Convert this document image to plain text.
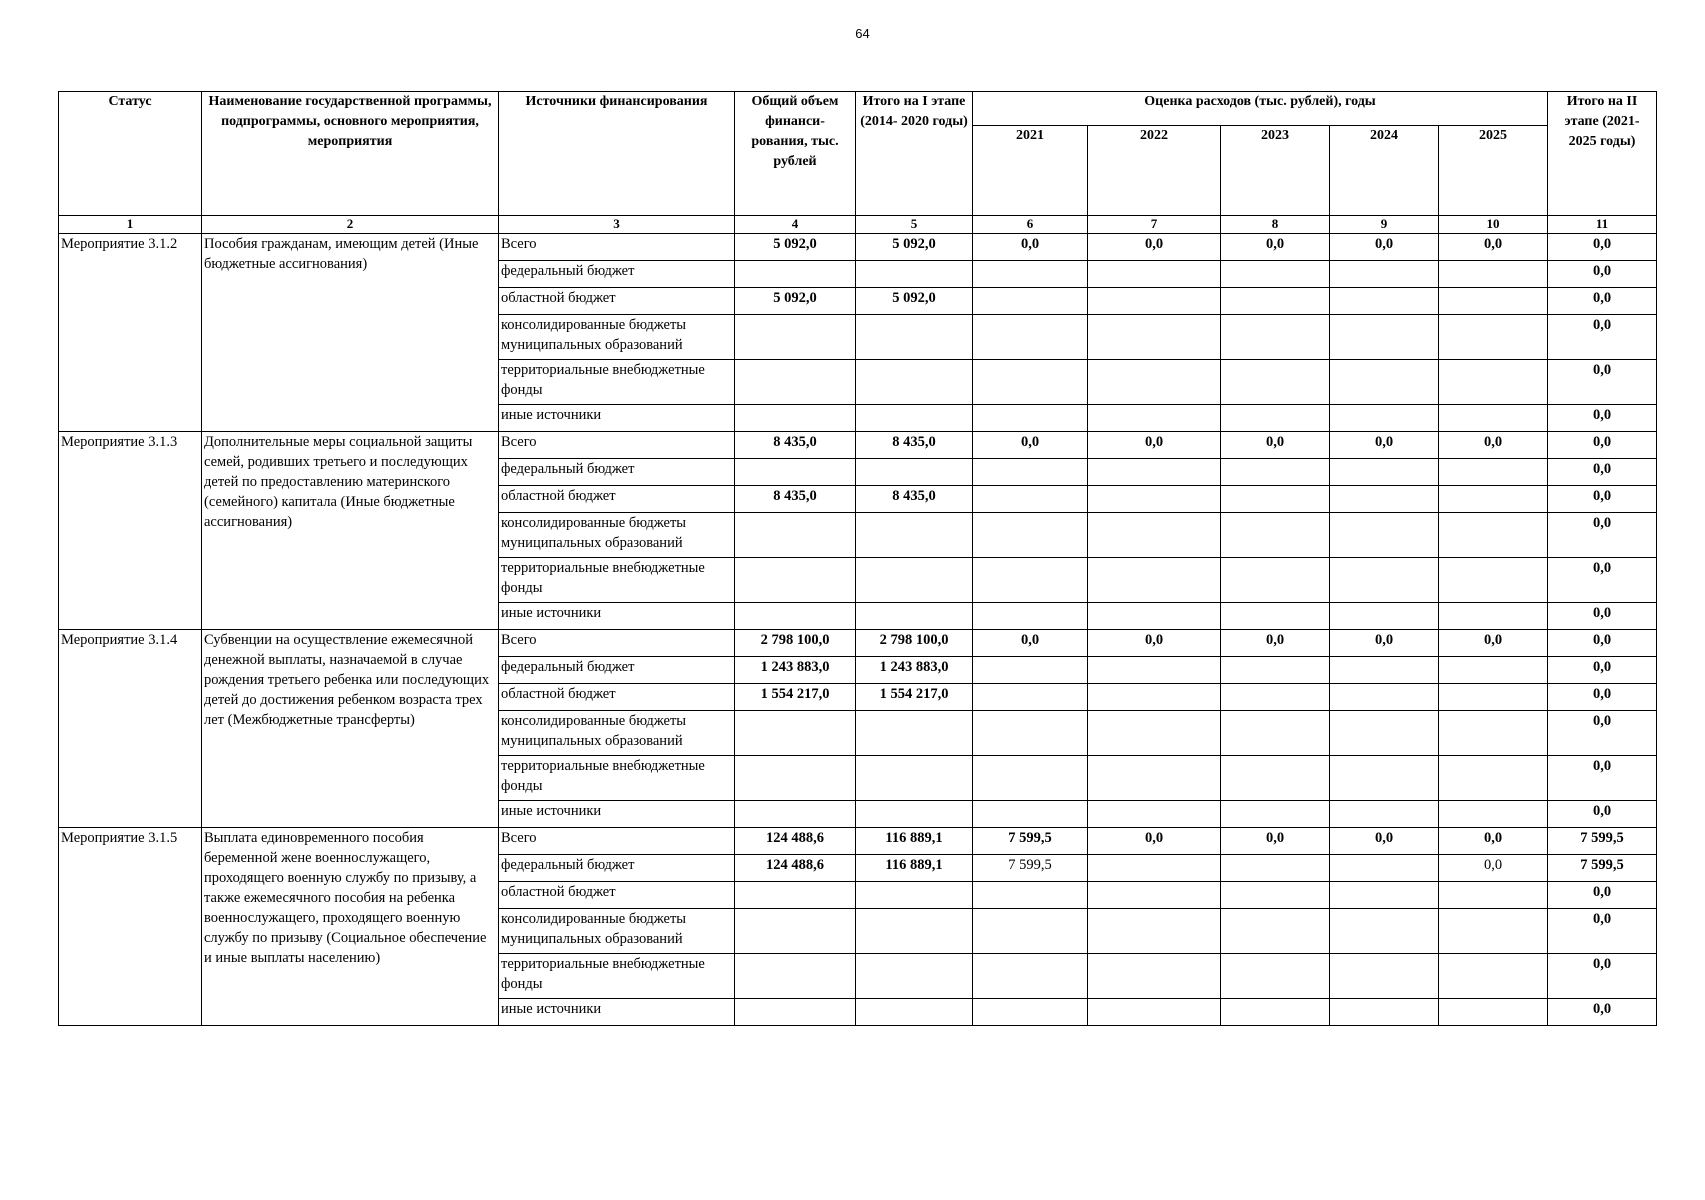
64
Статус	Наименование государственной программы, подпрограммы, основного мероприятия, мероприятия	Источники финансирования	Общий объем финанси- рования, тыс. рублей	Итого на I этапе (2014- 2020 годы)	Оценка расходов (тыс. рублей), годы					Итого на II этапе (2021- 2025 годы)
					2021	2022	2023	2024	2025	
1	2	3	4	5	6	7	8	9	10	11
Мероприятие 3.1.2	Пособия гражданам, имеющим детей (Иные бюджетные ассигнования)	Всего	5 092,0	5 092,0	0,0	0,0	0,0	0,0	0,0	0,0
		федеральный бюджет								0,0
		областной бюджет	5 092,0	5 092,0						0,0
		консолидированные бюджеты муниципальных образований								0,0
		территориальные внебюджетные фонды								0,0
		иные источники								0,0
Мероприятие 3.1.3	Дополнительные меры социальной защиты семей, родивших третьего и последующих детей по предоставлению материнского (семейного) капитала (Иные бюджетные ассигнования)	Всего	8 435,0	8 435,0	0,0	0,0	0,0	0,0	0,0	0,0
		федеральный бюджет								0,0
		областной бюджет	8 435,0	8 435,0						0,0
		консолидированные бюджеты муниципальных образований								0,0
		территориальные внебюджетные фонды								0,0
		иные источники								0,0
Мероприятие 3.1.4	Субвенции на осуществление ежемесячной денежной выплаты, назначаемой в случае рождения третьего ребенка или последующих детей до достижения ребенком возраста трех лет (Межбюджетные трансферты)	Всего	2 798 100,0	2 798 100,0	0,0	0,0	0,0	0,0	0,0	0,0
		федеральный бюджет	1 243 883,0	1 243 883,0						0,0
		областной бюджет	1 554 217,0	1 554 217,0						0,0
		консолидированные бюджеты муниципальных образований								0,0
		территориальные внебюджетные фонды								0,0
		иные источники								0,0
Мероприятие 3.1.5	Выплата единовременного пособия беременной жене военнослужащего, проходящего военную службу по призыву, а также ежемесячного пособия на ребенка военнослужащего, проходящего военную службу по призыву (Социальное обеспечение и иные выплаты населению)	Всего	124 488,6	116 889,1	7 599,5	0,0	0,0	0,0	0,0	7 599,5
		федеральный бюджет	124 488,6	116 889,1	7 599,5				0,0	7 599,5
		областной бюджет								0,0
		консолидированные бюджеты муниципальных образований								0,0
		территориальные внебюджетные фонды								0,0
		иные источники								0,0
